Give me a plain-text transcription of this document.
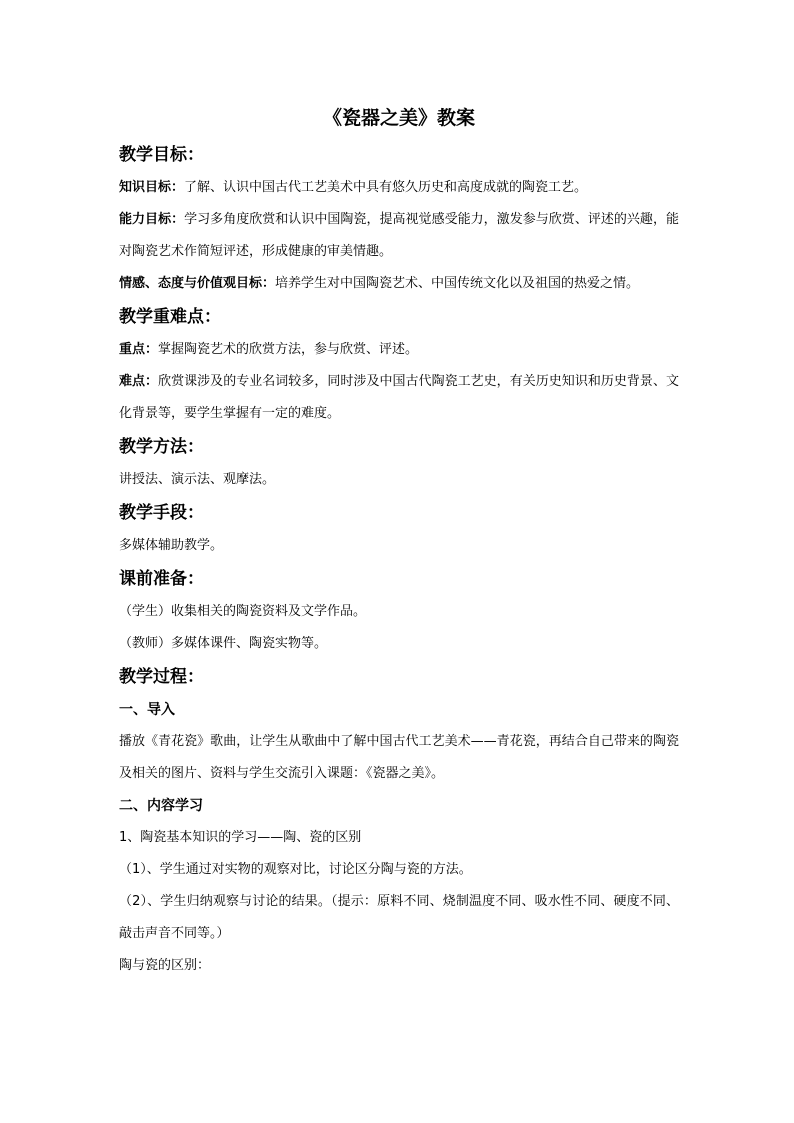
《瓷器之美》教案
教学目标：

知识目标：了解、认识中国古代工艺美术中具有悠久历史和高度成就的陶瓷工艺。

能力目标：学习多角度欣赏和认识中国陶瓷，提高视觉感受能力，激发参与欣赏、评述的兴趣，能对陶瓷艺术作简短评述，形成健康的审美情趣。

情感、态度与价值观目标：培养学生对中国陶瓷艺术、中国传统文化以及祖国的热爱之情。

教学重难点：

重点：掌握陶瓷艺术的欣赏方法，参与欣赏、评述。

难点：欣赏课涉及的专业名词较多，同时涉及中国古代陶瓷工艺史，有关历史知识和历史背景、文化背景等，要学生掌握有一定的难度。

教学方法：

讲授法、演示法、观摩法。

教学手段：

多媒体辅助教学。

课前准备：

（学生）收集相关的陶瓷资料及文学作品。

（教师）多媒体课件、陶瓷实物等。

教学过程：

一、导入

播放《青花瓷》歌曲，让学生从歌曲中了解中国古代工艺美术——青花瓷，再结合自己带来的陶瓷及相关的图片、资料与学生交流引入课题：《瓷器之美》。

二、内容学习

1、陶瓷基本知识的学习——陶、瓷的区别

（1）、学生通过对实物的观察对比，讨论区分陶与瓷的方法。

（2）、学生归纳观察与讨论的结果。（提示：原料不同、烧制温度不同、吸水性不同、硬度不同、敲击声音不同等。）

陶与瓷的区别：
